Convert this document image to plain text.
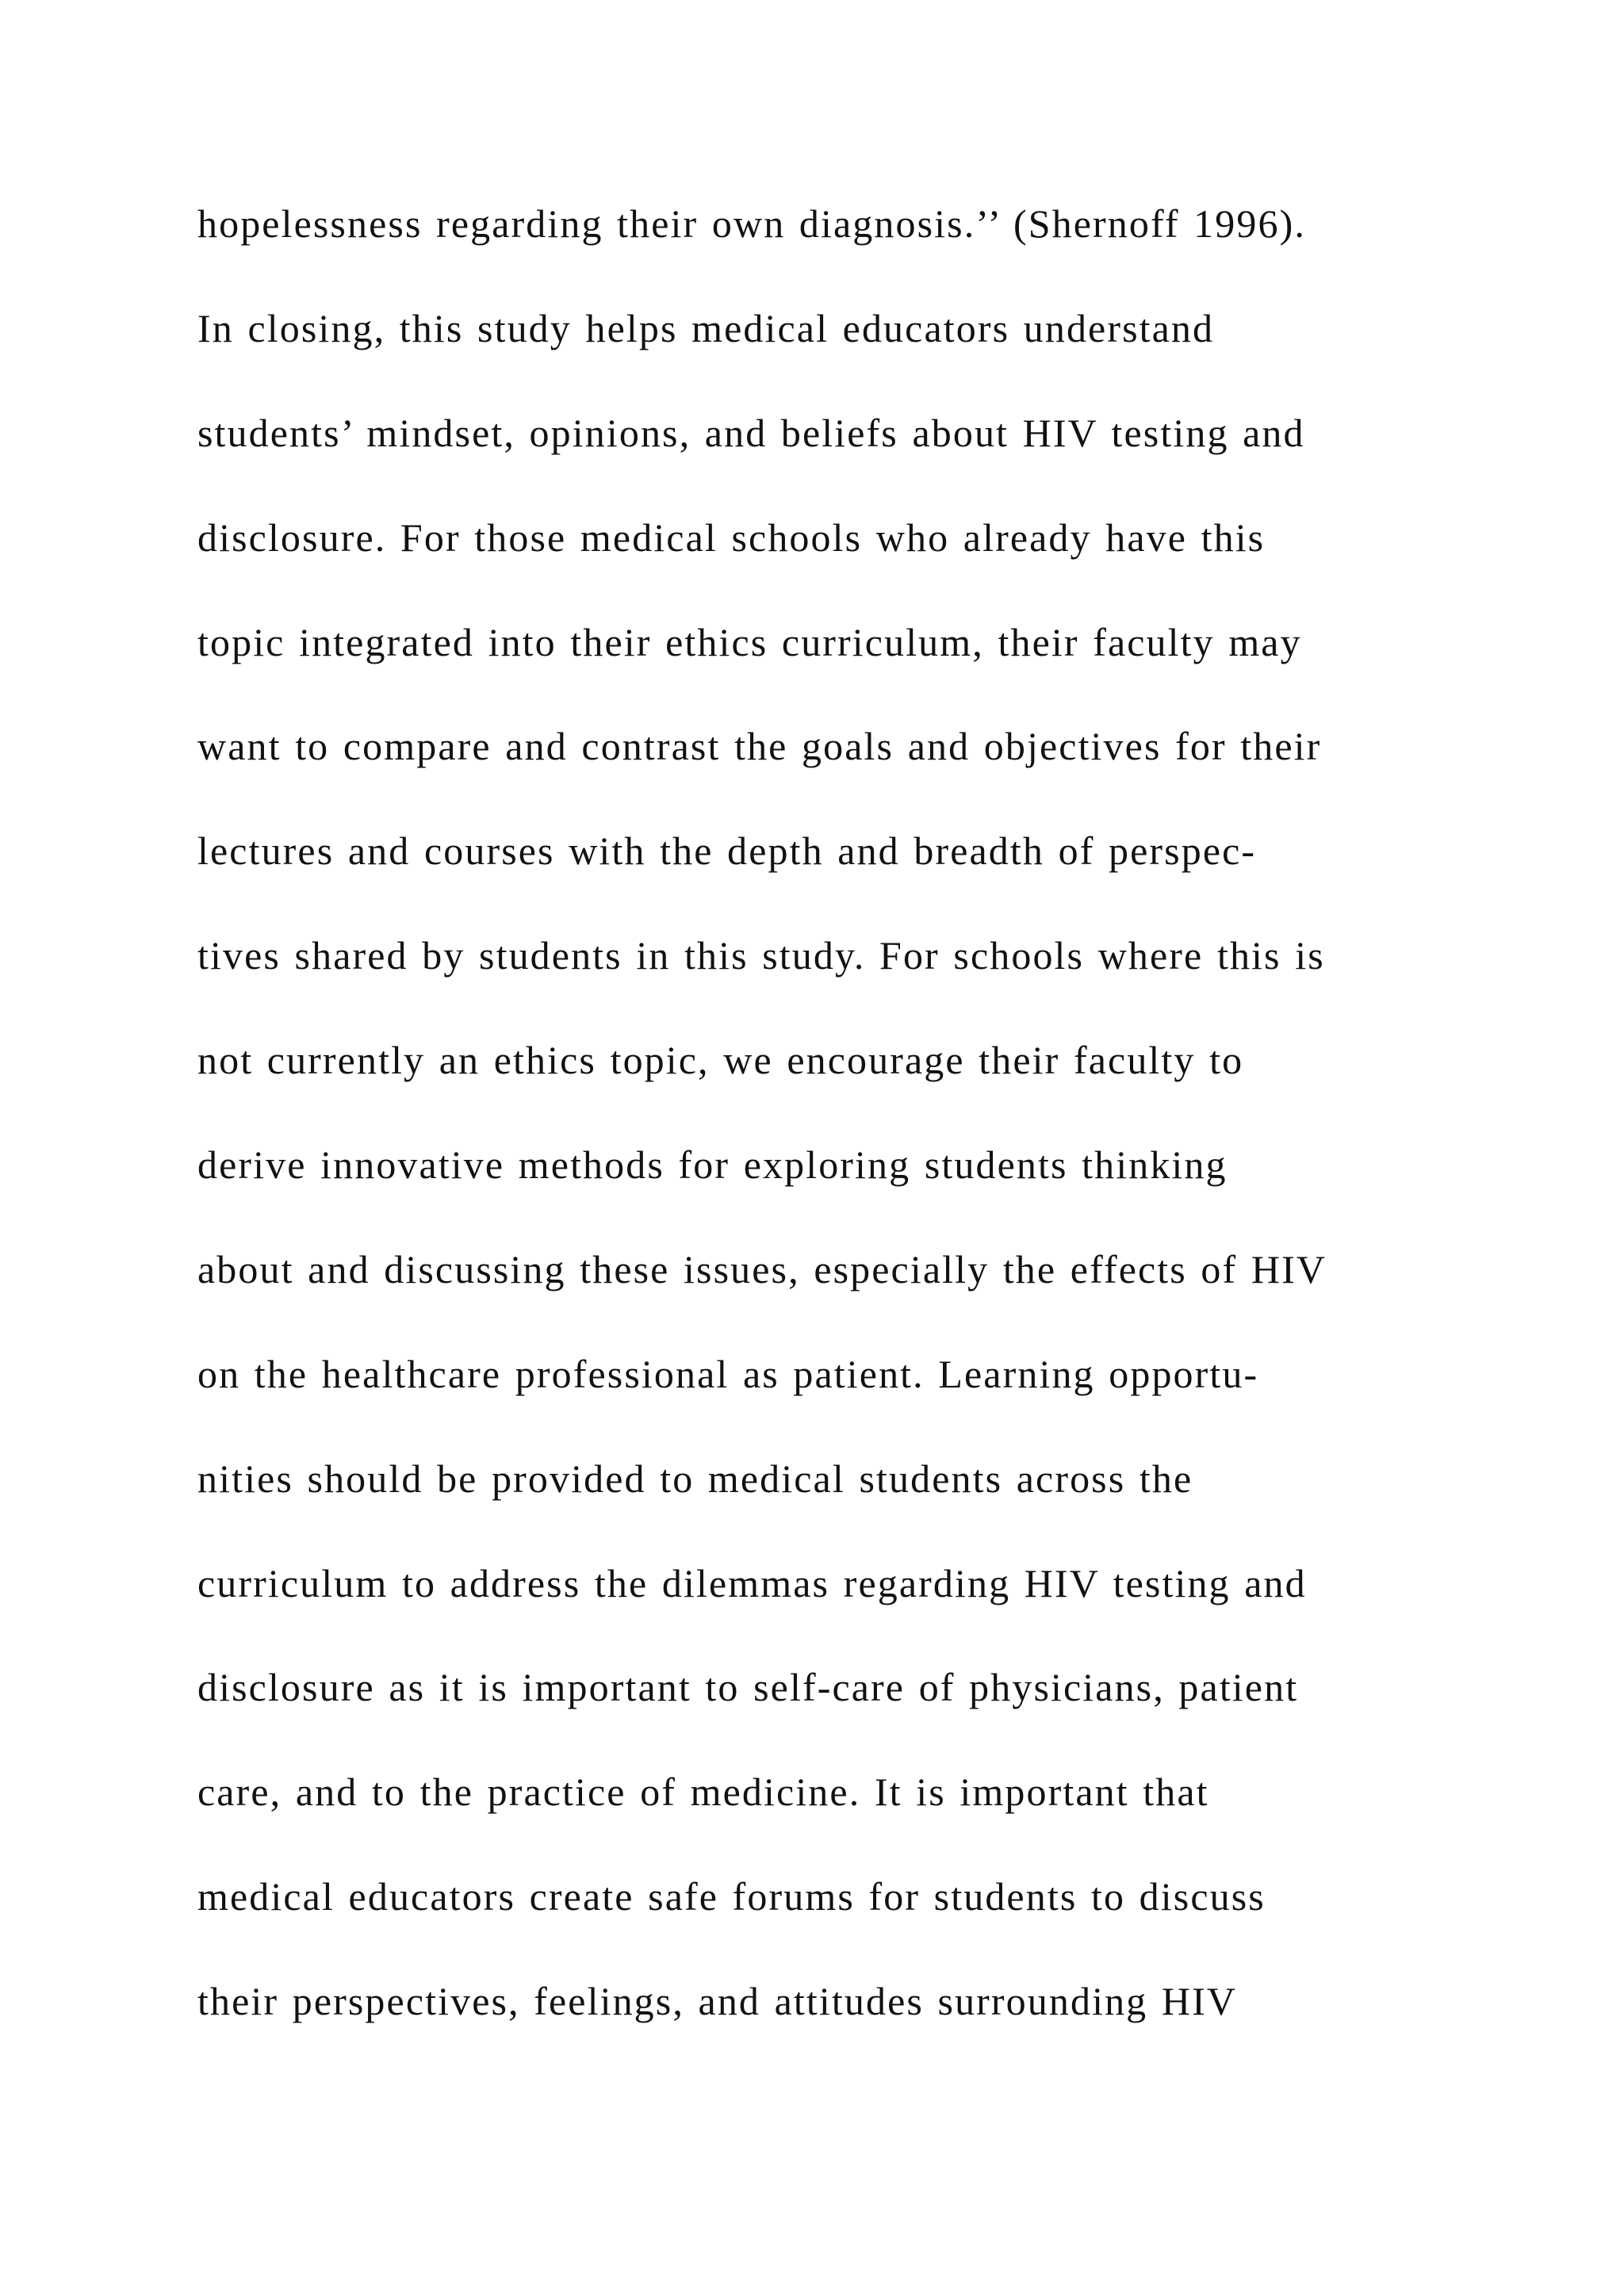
hopelessness regarding their own diagnosis.’’ (Shernoff 1996).
In closing, this study helps medical educators understand
students’ mindset, opinions, and beliefs about HIV testing and
disclosure. For those medical schools who already have this
topic integrated into their ethics curriculum, their faculty may
want to compare and contrast the goals and objectives for their
lectures and courses with the depth and breadth of perspec-
tives shared by students in this study. For schools where this is
not currently an ethics topic, we encourage their faculty to
derive innovative methods for exploring students thinking
about and discussing these issues, especially the effects of HIV
on the healthcare professional as patient. Learning opportu-
nities should be provided to medical students across the
curriculum to address the dilemmas regarding HIV testing and
disclosure as it is important to self-care of physicians, patient
care, and to the practice of medicine. It is important that
medical educators create safe forums for students to discuss
their perspectives, feelings, and attitudes surrounding HIV
